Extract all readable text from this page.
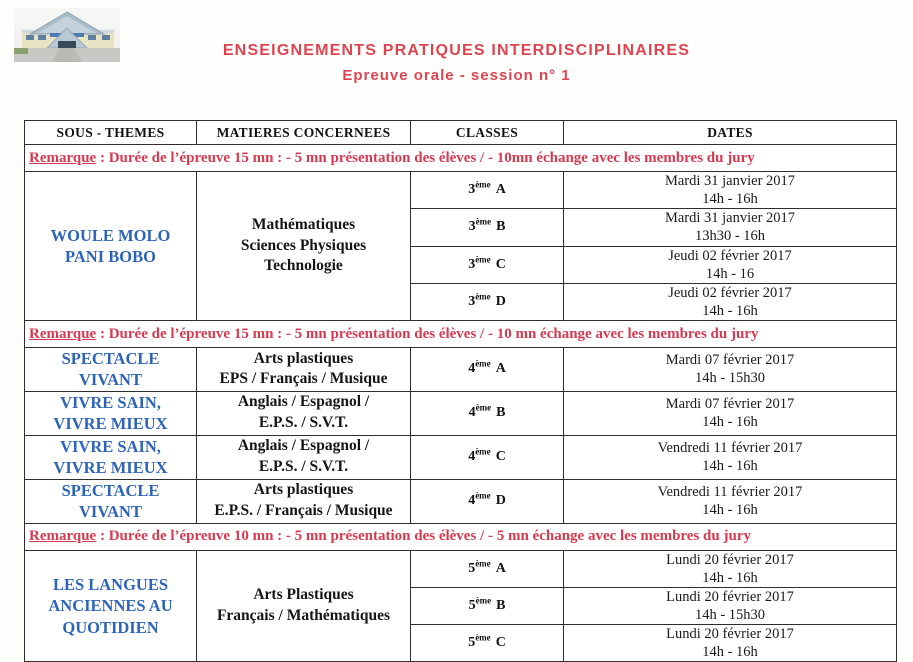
ENSEIGNEMENTS PRATIQUES INTERDISCIPLINAIRES
Epreuve orale - session n° 1
SOUS - THEMES	MATIERES CONCERNEES	CLASSES	DATES
Remarque : Durée de l’épreuve 15 mn : - 5 mn présentation des élèves / - 10mn échange avec les membres du jury			

WOULE MOLO
PANI BOBO	Mathématiques
Sciences Physiques
Technologie	3ème A	Mardi 31 janvier 2017
14h - 16h

		3ème B	Mardi 31 janvier 2017
13h30 - 16h

		3ème C	Jeudi 02 février 2017
14h - 16

		3ème D	Jeudi 02 février 2017
14h - 16h

Remarque : Durée de l’épreuve 15 mn : - 5 mn présentation des élèves / - 10 mn échange avec les membres du jury			

SPECTACLE
VIVANT	Arts plastiques
EPS / Français / Musique	4ème A	Mardi 07 février 2017
14h - 15h30

VIVRE SAIN,
VIVRE MIEUX	Anglais / Espagnol /
E.P.S. / S.V.T.	4ème B	Mardi 07 février 2017
14h - 16h

VIVRE SAIN,
VIVRE MIEUX	Anglais / Espagnol /
E.P.S. / S.V.T.	4ème C	Vendredi 11 février 2017
14h - 16h

SPECTACLE
VIVANT	Arts plastiques
E.P.S. / Français / Musique	4ème D	Vendredi 11 février 2017
14h - 16h

Remarque : Durée de l’épreuve 10 mn : - 5 mn présentation des élèves / - 5 mn échange avec les membres du jury			

LES LANGUES
ANCIENNES AU
QUOTIDIEN	Arts Plastiques
Français / Mathématiques	5ème A	Lundi 20 février 2017
14h - 16h

		5ème B	Lundi 20 février 2017
14h - 15h30

		5ème C	Lundi 20 février 2017
14h - 16h
